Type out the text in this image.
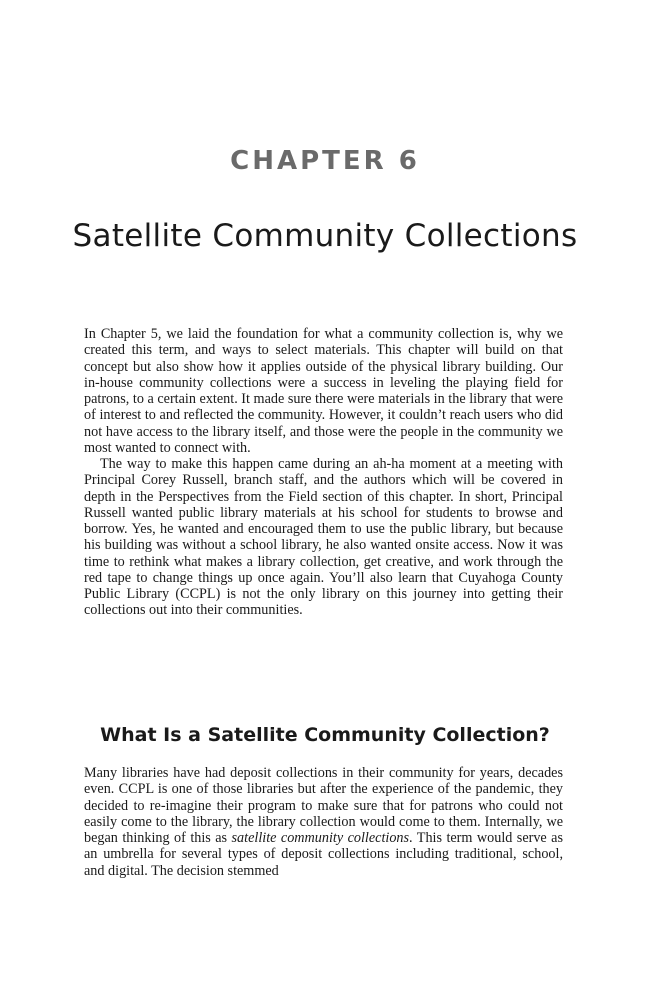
CHAPTER 6
Satellite Community Collections

In Chapter 5, we laid the foundation for what a community collection is, why we created this term, and ways to select materials. This chapter will build on that concept but also show how it applies outside of the physical library building. Our in-house community collections were a success in leveling the playing field for patrons, to a certain extent. It made sure there were materials in the library that were of interest to and reflected the community. However, it couldn’t reach users who did not have access to the library itself, and those were the people in the community we most wanted to connect with.

The way to make this happen came during an ah-ha moment at a meeting with Principal Corey Russell, branch staff, and the authors which will be covered in depth in the Perspectives from the Field section of this chapter. In short, Principal Russell wanted public library materials at his school for students to browse and borrow. Yes, he wanted and encouraged them to use the public library, but because his building was without a school library, he also wanted onsite access. Now it was time to rethink what makes a library collection, get creative, and work through the red tape to change things up once again. You’ll also learn that Cuyahoga County Public Library (CCPL) is not the only library on this journey into getting their collections out into their communities.

What Is a Satellite Community Collection?

Many libraries have had deposit collections in their community for years, decades even. CCPL is one of those libraries but after the experience of the pandemic, they decided to re-imagine their program to make sure that for patrons who could not easily come to the library, the library collection would come to them. Internally, we began thinking of this as satellite community collections. This term would serve as an umbrella for several types of deposit collections including traditional, school, and digital. The decision stemmed
